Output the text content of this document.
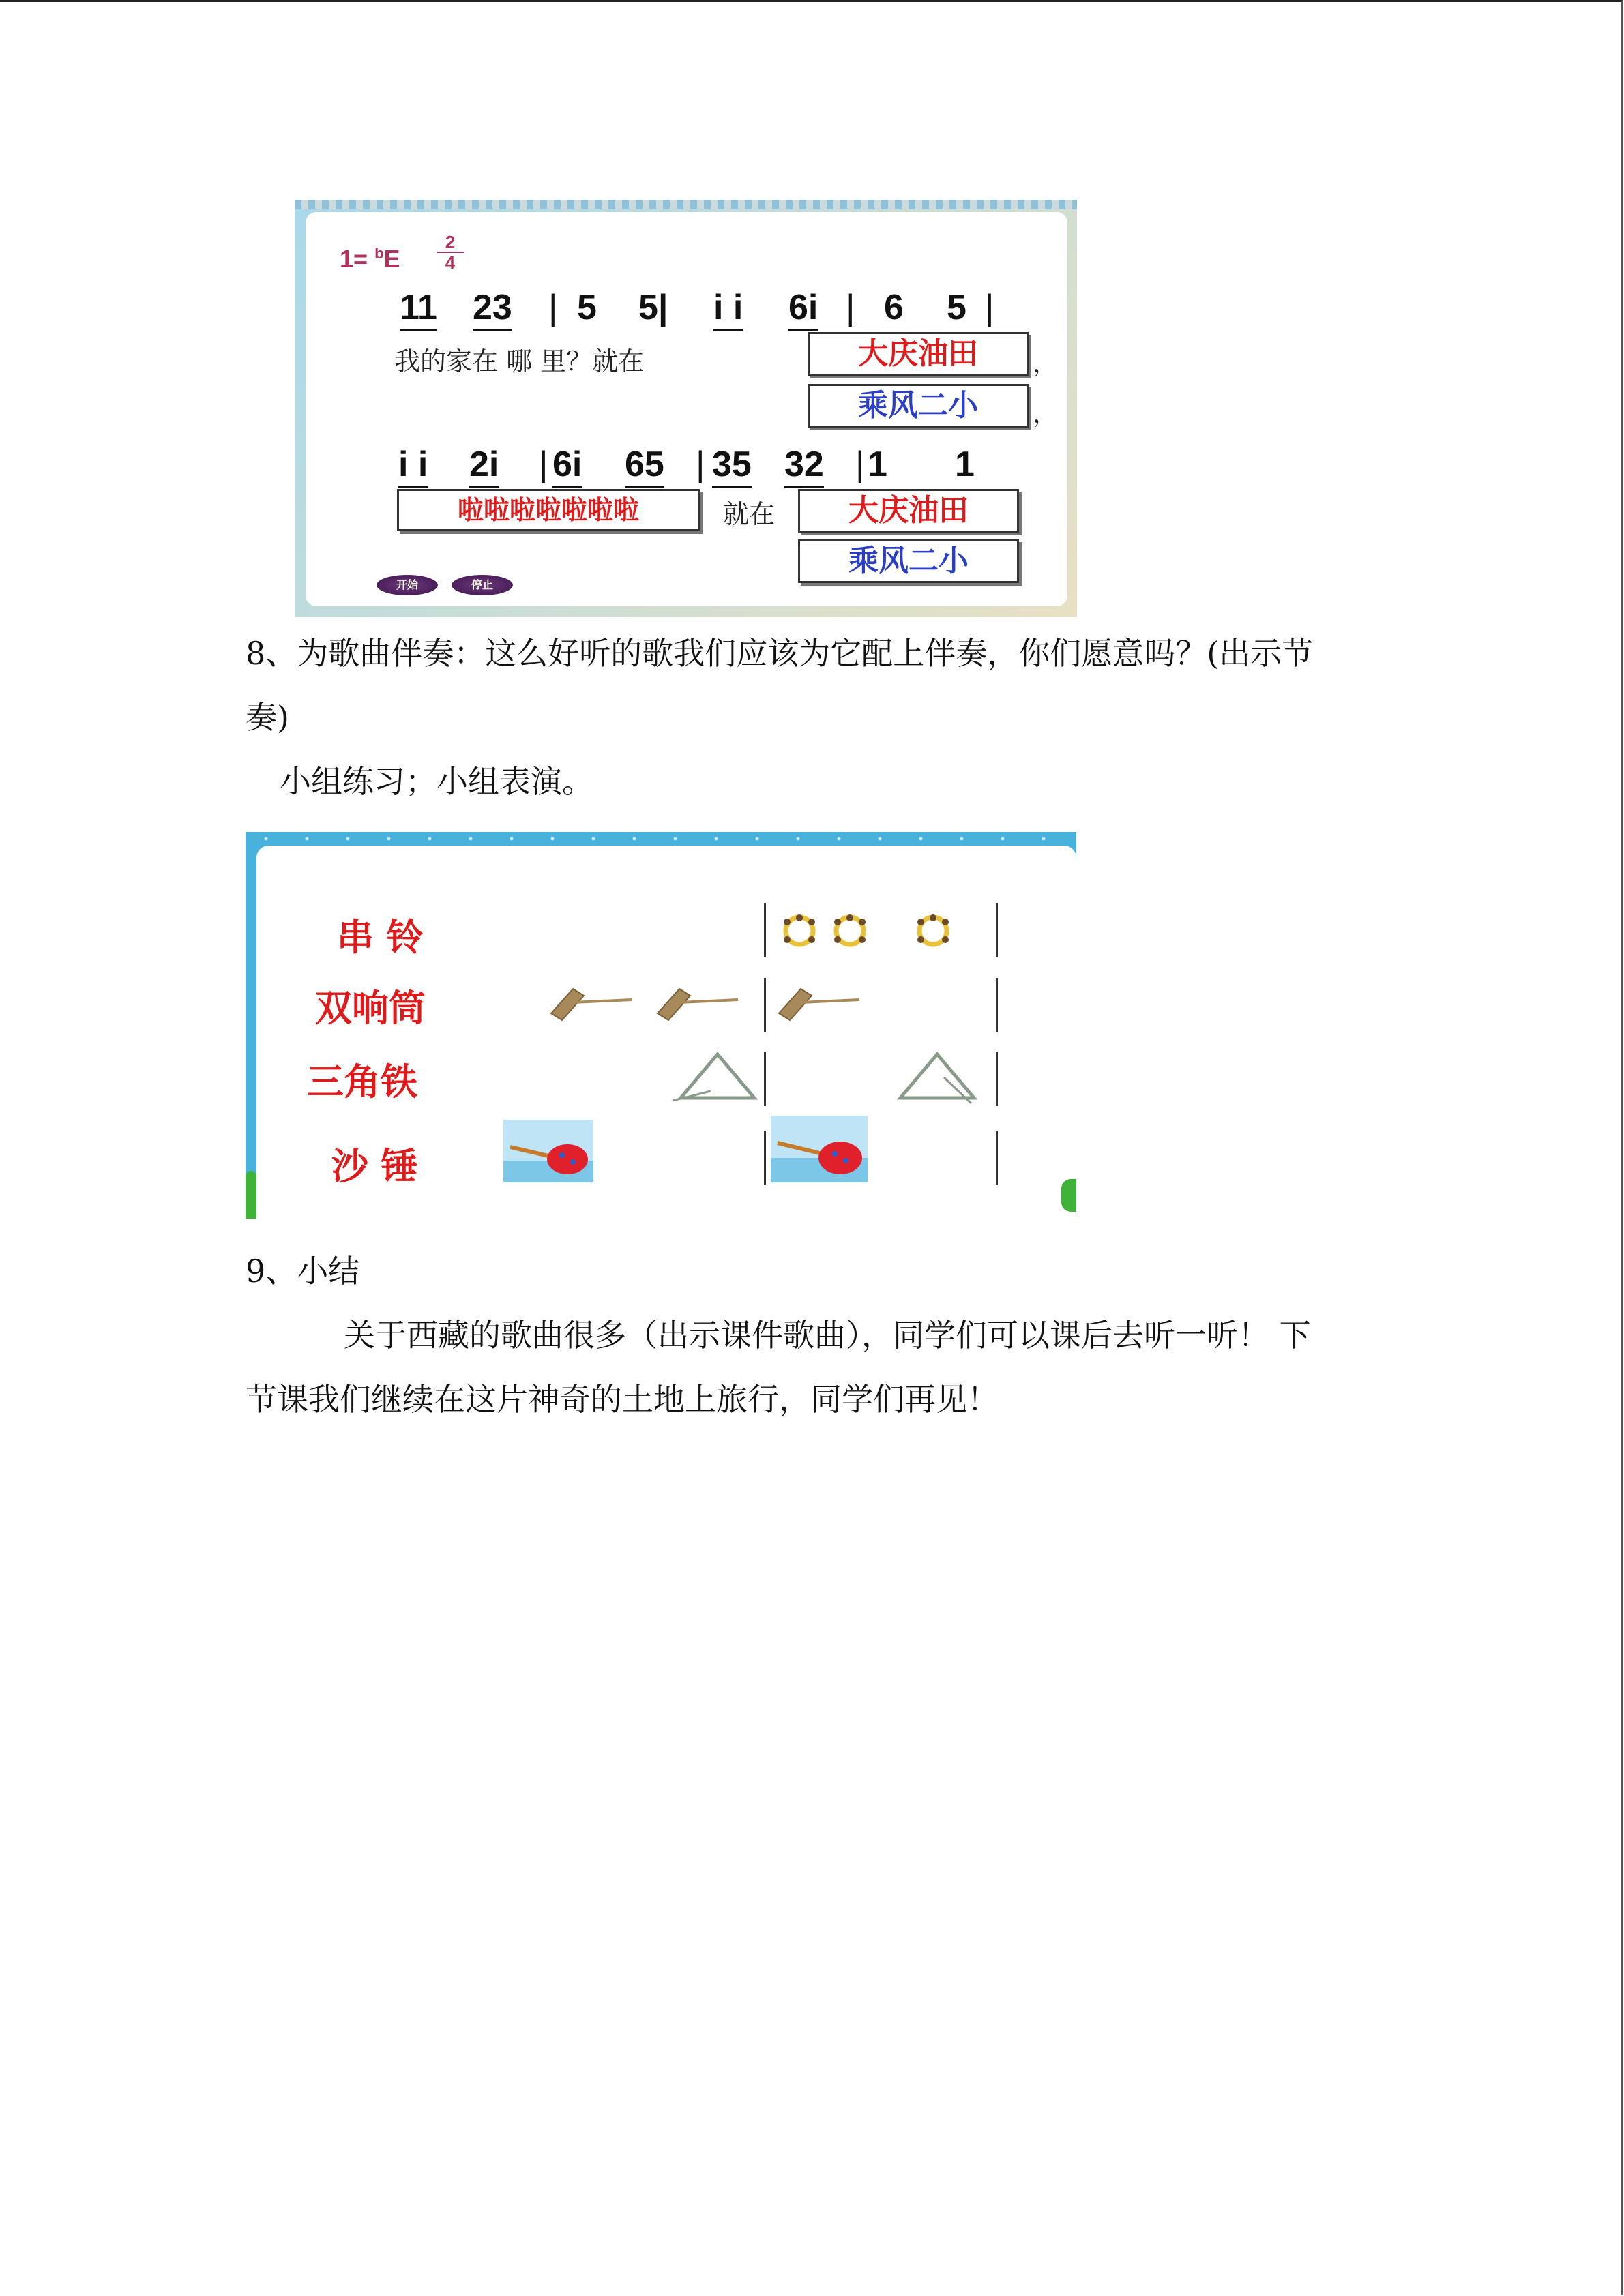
$1= ^bE \frac{2}{4}$
11 23 | 5 5| i i 6i | 6 5 |
我的家在 哪 里？就在	大庆油田	，
乘风二小	，
i i 2i | 6i 65 | 35 32 | 1 1
啦啦啦啦啦啦啦	就在	大庆油田
乘风二小
开始	停止
8、为歌曲伴奏：这么好听的歌我们应该为它配上伴奏，你们愿意吗？(出示节
奏)
小组练习；小组表演。
串 铃
双响筒
三角铁
沙 锤
9、小结
关于西藏的歌曲很多（出示课件歌曲），同学们可以课后去听一听！ 下
节课我们继续在这片神奇的土地上旅行，同学们再见！
